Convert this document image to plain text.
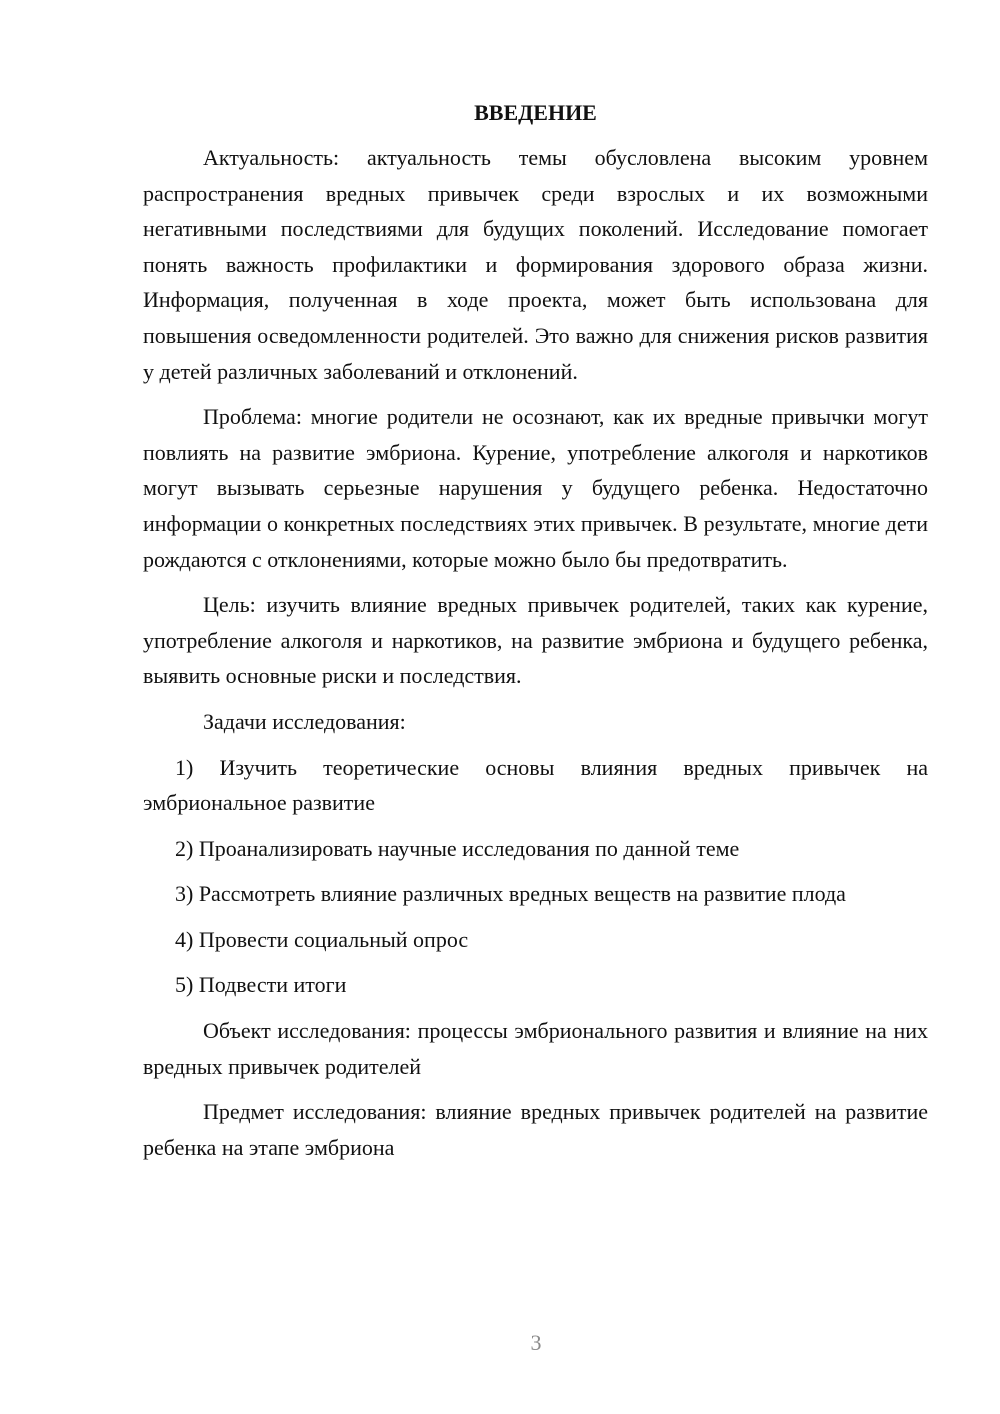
ВВЕДЕНИЕ

Актуальность: актуальность темы обусловлена высоким уровнем распространения вредных привычек среди взрослых и их возможными негативными последствиями для будущих поколений. Исследование помогает понять важность профилактики и формирования здорового образа жизни. Информация, полученная в ходе проекта, может быть использована для повышения осведомленности родителей. Это важно для снижения рисков развития у детей различных заболеваний и отклонений.

Проблема: многие родители не осознают, как их вредные привычки могут повлиять на развитие эмбриона. Курение, употребление алкоголя и наркотиков могут вызывать серьезные нарушения у будущего ребенка. Недостаточно информации о конкретных последствиях этих привычек. В результате, многие дети рождаются с отклонениями, которые можно было бы предотвратить.

Цель: изучить влияние вредных привычек родителей, таких как курение, употребление алкоголя и наркотиков, на развитие эмбриона и будущего ребенка, выявить основные риски и последствия.

Задачи исследования:

1) Изучить теоретические основы влияния вредных привычек на эмбриональное развитие

2) Проанализировать научные исследования по данной теме

3) Рассмотреть влияние различных вредных веществ на развитие плода

4) Провести социальный опрос

5) Подвести итоги

Объект исследования: процессы эмбрионального развития и влияние на них вредных привычек родителей

Предмет исследования: влияние вредных привычек родителей на развитие ребенка на этапе эмбриона

3
